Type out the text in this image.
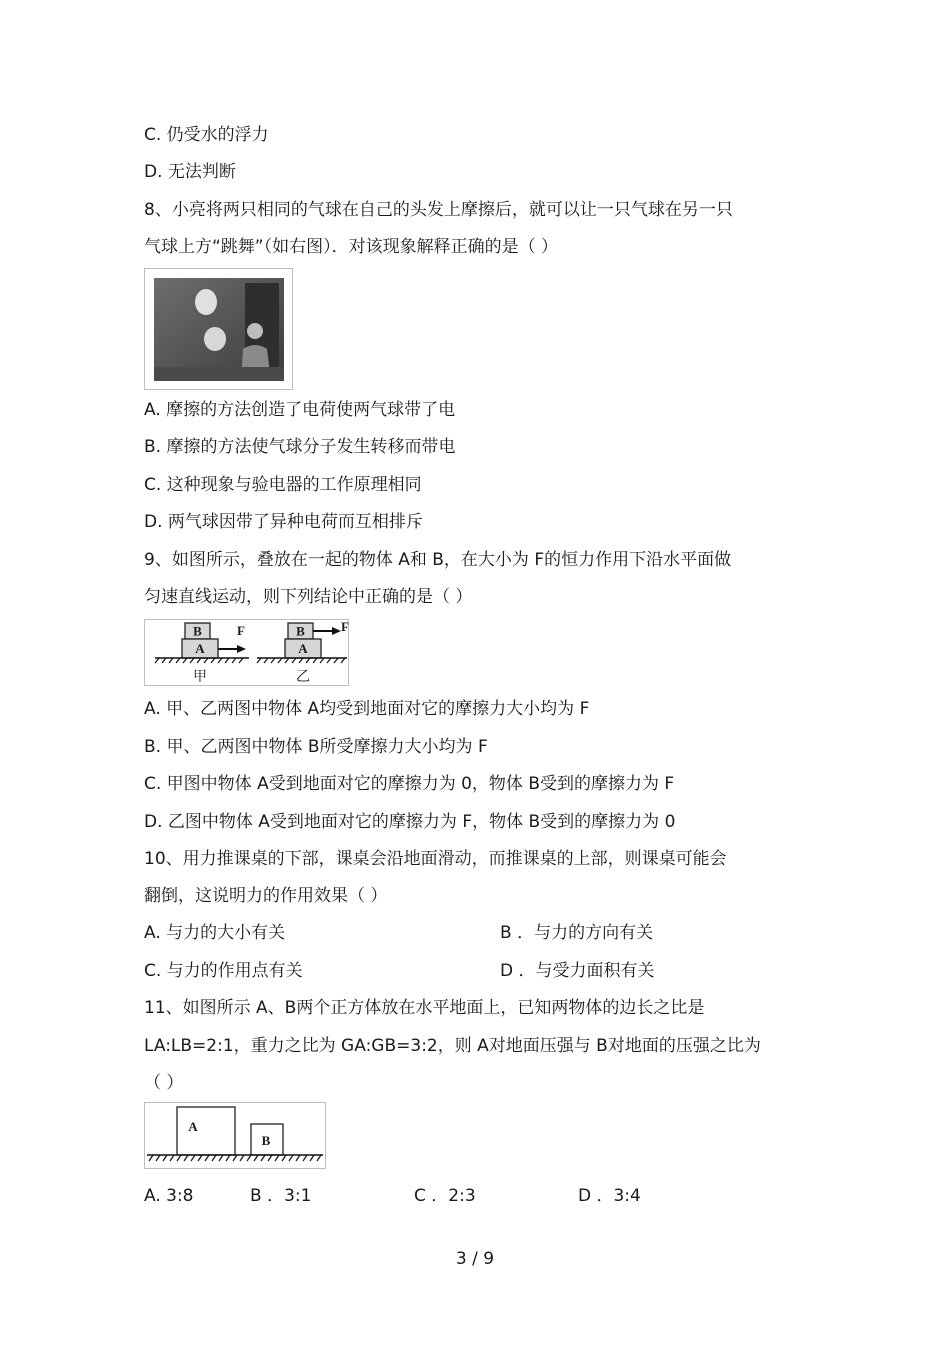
C. 仍受水的浮力
D. 无法判断
8、小亮将两只相同的气球在自己的头发上摩擦后，就可以让一只气球在另一只
气球上方“跳舞”（如右图）．对该现象解释正确的是（ ）
A. 摩擦的方法创造了电荷使两气球带了电
B. 摩擦的方法使气球分子发生转移而带电
C. 这种现象与验电器的工作原理相同
D. 两气球因带了异种电荷而互相排斥
9、如图所示，叠放在一起的物体 A和 B，在大小为 F的恒力作用下沿水平面做
匀速直线运动，则下列结论中正确的是（ ）
B
A
F
甲
B	F
A
乙
A. 甲、乙两图中物体 A均受到地面对它的摩擦力大小均为 F
B. 甲、乙两图中物体 B所受摩擦力大小均为 F
C. 甲图中物体 A受到地面对它的摩擦力为 0，物体 B受到的摩擦力为 F
D. 乙图中物体 A受到地面对它的摩擦力为 F，物体 B受到的摩擦力为 0
10、用力推课桌的下部，课桌会沿地面滑动，而推课桌的上部，则课桌可能会
翻倒，这说明力的作用效果（ ）
A. 与力的大小有关	B ．与力的方向有关
C. 与力的作用点有关	D ．与受力面积有关
11、如图所示 A、B两个正方体放在水平地面上，已知两物体的边长之比是
LA:LB=2:1，重力之比为 GA:GB=3:2，则 A对地面压强与 B对地面的压强之比为
（ ）
A
B
A. 3:8	B ．3:1	C ．2:3	D ．3:4
3 / 9
